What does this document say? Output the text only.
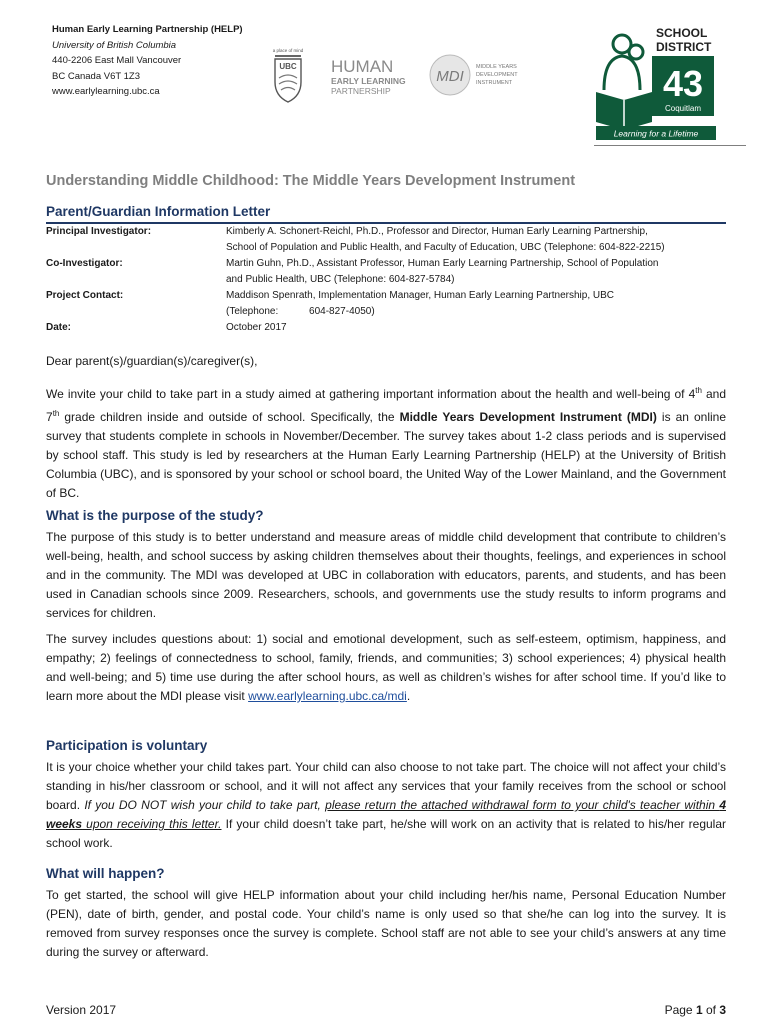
Human Early Learning Partnership (HELP)
University of British Columbia
440-2206 East Mall Vancouver
BC Canada V6T 1Z3
www.earlylearning.ubc.ca
a place of mind
UBC HUMAN
EARLY LEARNING
PARTNERSHIP
MDI
MIDDLE YEARS
DEVELOPMENT
INSTRUMENT
SCHOOL
DISTRICT
43
Coquitlam
Learning for a Lifetime
Understanding Middle Childhood: The Middle Years Development Instrument
Parent/Guardian Information Letter
Principal Investigator:	Kimberly A. Schonert-Reichl, Ph.D., Professor and Director, Human Early Learning Partnership,
School of Population and Public Health, and Faculty of Education, UBC (Telephone: 604-822-2215)
Co-Investigator:	Martin Guhn, Ph.D., Assistant Professor, Human Early Learning Partnership, School of Population
and Public Health, UBC (Telephone: 604-827-5784)
Project Contact:	Maddison Spenrath, Implementation Manager, Human Early Learning Partnership, UBC
(Telephone:	604-827-4050)
Date:	October 2017
Dear parent(s)/guardian(s)/caregiver(s),
We invite your child to take part in a study aimed at gathering important information about the health and well-being of 4th and 7th grade children inside and outside of school. Specifically, the Middle Years Development Instrument (MDI) is an online survey that students complete in schools in November/December. The survey takes about 1-2 class periods and is supervised by school staff. This study is led by researchers at the Human Early Learning Partnership (HELP) at the University of British Columbia (UBC), and is sponsored by your school or school board, the United Way of the Lower Mainland, and the Government of BC.
What is the purpose of the study?
The purpose of this study is to better understand and measure areas of middle child development that contribute to children’s well-being, health, and school success by asking children themselves about their thoughts, feelings, and experiences in school and in the community. The MDI was developed at UBC in collaboration with educators, parents, and students, and has been used in Canadian schools since 2009. Researchers, schools, and governments use the study results to inform programs and services for children.
The survey includes questions about: 1) social and emotional development, such as self-esteem, optimism, happiness, and empathy; 2) feelings of connectedness to school, family, friends, and communities; 3) school experiences; 4) physical health and well-being; and 5) time use during the after school hours, as well as children’s wishes for after school time. If you’d like to learn more about the MDI please visit www.earlylearning.ubc.ca/mdi.
Participation is voluntary
It is your choice whether your child takes part. Your child can also choose to not take part. The choice will not affect your child’s standing in his/her classroom or school, and it will not affect any services that your family receives from the school or school board. If you DO NOT wish your child to take part, please return the attached withdrawal form to your child's teacher within 4 weeks upon receiving this letter. If your child doesn’t take part, he/she will work on an activity that is related to his/her regular school work.
What will happen?
To get started, the school will give HELP information about your child including her/his name, Personal Education Number (PEN), date of birth, gender, and postal code. Your child’s name is only used so that she/he can log into the survey. It is removed from survey responses once the survey is complete. School staff are not able to see your child’s answers at any time during the survey or afterward.
Version 2017	Page 1 of 3
